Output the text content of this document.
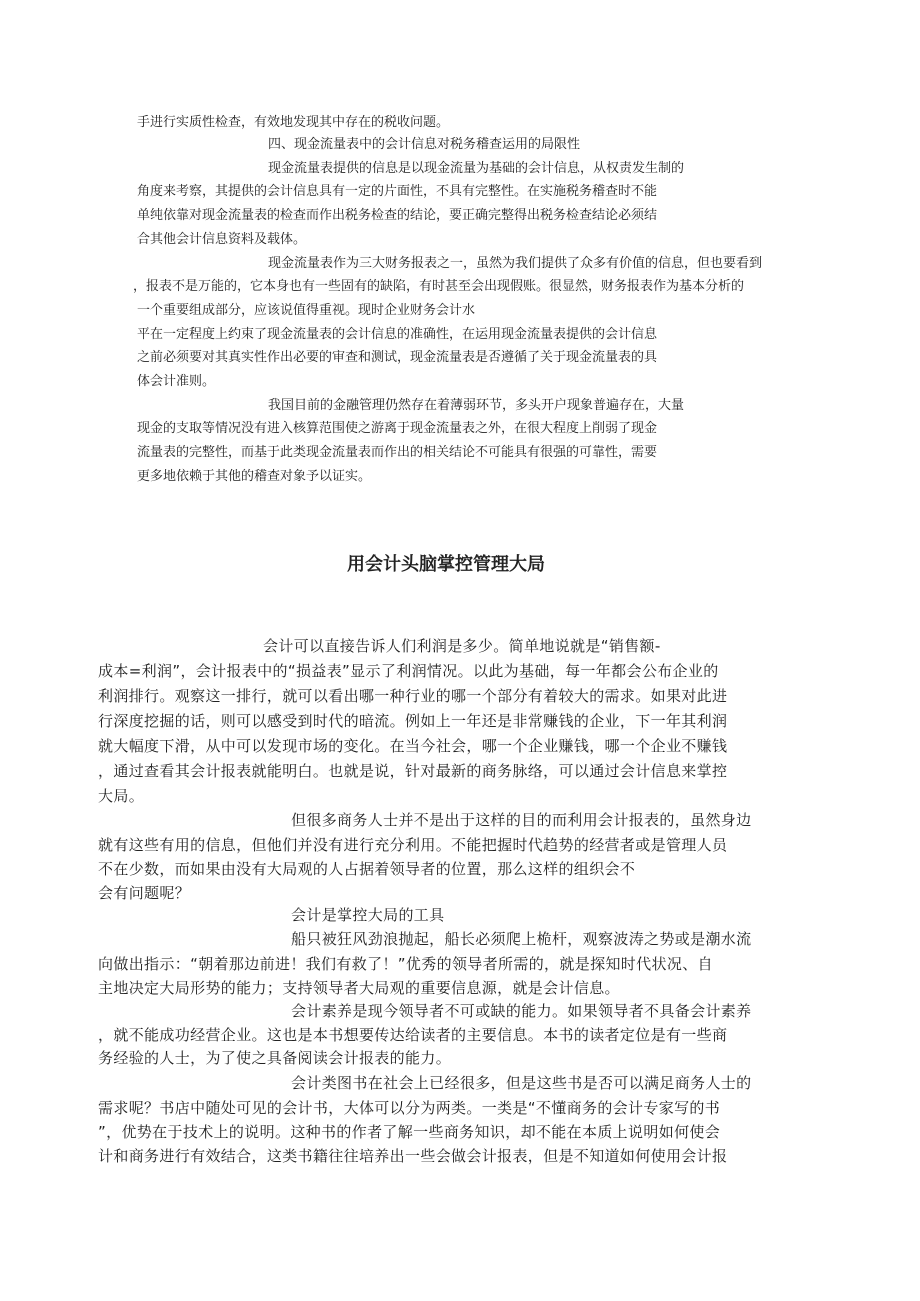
手进行实质性检查，有效地发现其中存在的税收问题。

四、现金流量表中的会计信息对税务稽查运用的局限性

现金流量表提供的信息是以现金流量为基础的会计信息，从权责发生制的

角度来考察，其提供的会计信息具有一定的片面性，不具有完整性。在实施税务稽查时不能

单纯依靠对现金流量表的检查而作出税务检查的结论，要正确完整得出税务检查结论必须结

合其他会计信息资料及载体。

现金流量表作为三大财务报表之一，虽然为我们提供了众多有价值的信息，但也要看到

，报表不是万能的，它本身也有一些固有的缺陷，有时甚至会出现假账。很显然，财务报表作为基本分析的

一个重要组成部分，应该说值得重视。现时企业财务会计水

平在一定程度上约束了现金流量表的会计信息的准确性，在运用现金流量表提供的会计信息

之前必须要对其真实性作出必要的审查和测试，现金流量表是否遵循了关于现金流量表的具

体会计准则。

我国目前的金融管理仍然存在着薄弱环节，多头开户现象普遍存在，大量

现金的支取等情况没有进入核算范围使之游离于现金流量表之外，在很大程度上削弱了现金

流量表的完整性，而基于此类现金流量表而作出的相关结论不可能具有很强的可靠性，需要

更多地依赖于其他的稽查对象予以证实。

用会计头脑掌控管理大局

会计可以直接告诉人们利润是多少。简单地说就是“销售额-

成本=利润”，会计报表中的“损益表”显示了利润情况。以此为基础，每一年都会公布企业的

利润排行。观察这一排行，就可以看出哪一种行业的哪一个部分有着较大的需求。如果对此进

行深度挖掘的话，则可以感受到时代的暗流。例如上一年还是非常赚钱的企业，下一年其利润

就大幅度下滑，从中可以发现市场的变化。在当今社会，哪一个企业赚钱，哪一个企业不赚钱

，通过查看其会计报表就能明白。也就是说，针对最新的商务脉络，可以通过会计信息来掌控

大局。

但很多商务人士并不是出于这样的目的而利用会计报表的，虽然身边

就有这些有用的信息，但他们并没有进行充分利用。不能把握时代趋势的经营者或是管理人员

不在少数，而如果由没有大局观的人占据着领导者的位置，那么这样的组织会不

会有问题呢？

会计是掌控大局的工具

船只被狂风劲浪抛起，船长必须爬上桅杆，观察波涛之势或是潮水流

向做出指示：“朝着那边前进！我们有救了！”优秀的领导者所需的，就是探知时代状况、自

主地决定大局形势的能力；支持领导者大局观的重要信息源，就是会计信息。

会计素养是现今领导者不可或缺的能力。如果领导者不具备会计素养

，就不能成功经营企业。这也是本书想要传达给读者的主要信息。本书的读者定位是有一些商

务经验的人士，为了使之具备阅读会计报表的能力。

会计类图书在社会上已经很多，但是这些书是否可以满足商务人士的

需求呢？书店中随处可见的会计书，大体可以分为两类。一类是“不懂商务的会计专家写的书

”，优势在于技术上的说明。这种书的作者了解一些商务知识，却不能在本质上说明如何使会

计和商务进行有效结合，这类书籍往往培养出一些会做会计报表，但是不知道如何使用会计报
